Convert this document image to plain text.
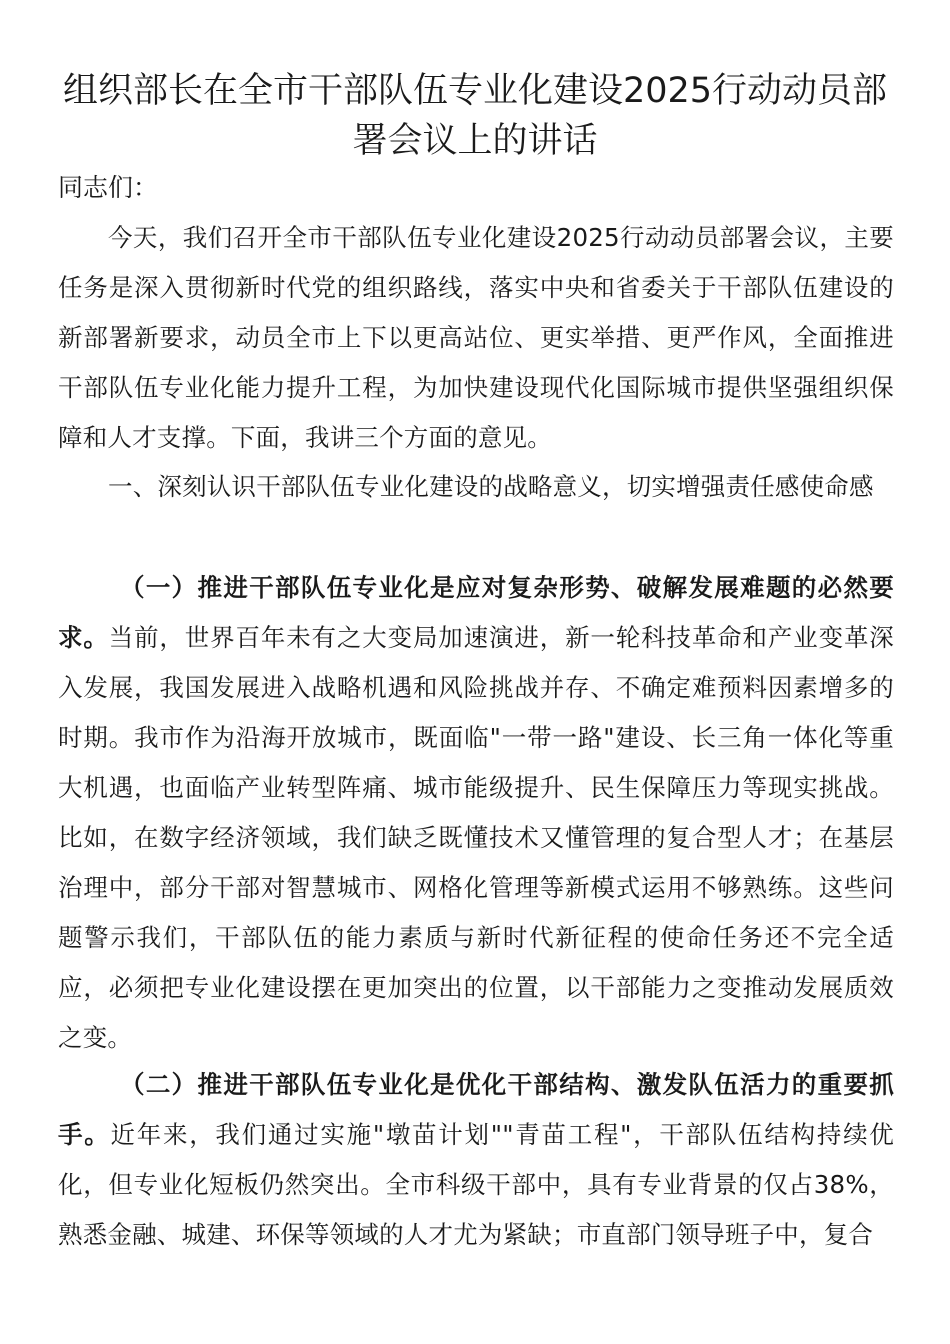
组织部长在全市干部队伍专业化建设2025行动动员部署会议上的讲话

同志们：

今天，我们召开全市干部队伍专业化建设2025行动动员部署会议，主要任务是深入贯彻新时代党的组织路线，落实中央和省委关于干部队伍建设的新部署新要求，动员全市上下以更高站位、更实举措、更严作风，全面推进干部队伍专业化能力提升工程，为加快建设现代化国际城市提供坚强组织保障和人才支撑。下面，我讲三个方面的意见。

一、深刻认识干部队伍专业化建设的战略意义，切实增强责任感使命感

（一）推进干部队伍专业化是应对复杂形势、破解发展难题的必然要求。当前，世界百年未有之大变局加速演进，新一轮科技革命和产业变革深入发展，我国发展进入战略机遇和风险挑战并存、不确定难预料因素增多的时期。我市作为沿海开放城市，既面临"一带一路"建设、长三角一体化等重大机遇，也面临产业转型阵痛、城市能级提升、民生保障压力等现实挑战。比如，在数字经济领域，我们缺乏既懂技术又懂管理的复合型人才；在基层治理中，部分干部对智慧城市、网格化管理等新模式运用不够熟练。这些问题警示我们，干部队伍的能力素质与新时代新征程的使命任务还不完全适应，必须把专业化建设摆在更加突出的位置，以干部能力之变推动发展质效之变。

（二）推进干部队伍专业化是优化干部结构、激发队伍活力的重要抓手。近年来，我们通过实施"墩苗计划""青苗工程"，干部队伍结构持续优化，但专业化短板仍然突出。全市科级干部中，具有专业背景的仅占38%，熟悉金融、城建、环保等领域的人才尤为紧缺；市直部门领导班子中，复合
